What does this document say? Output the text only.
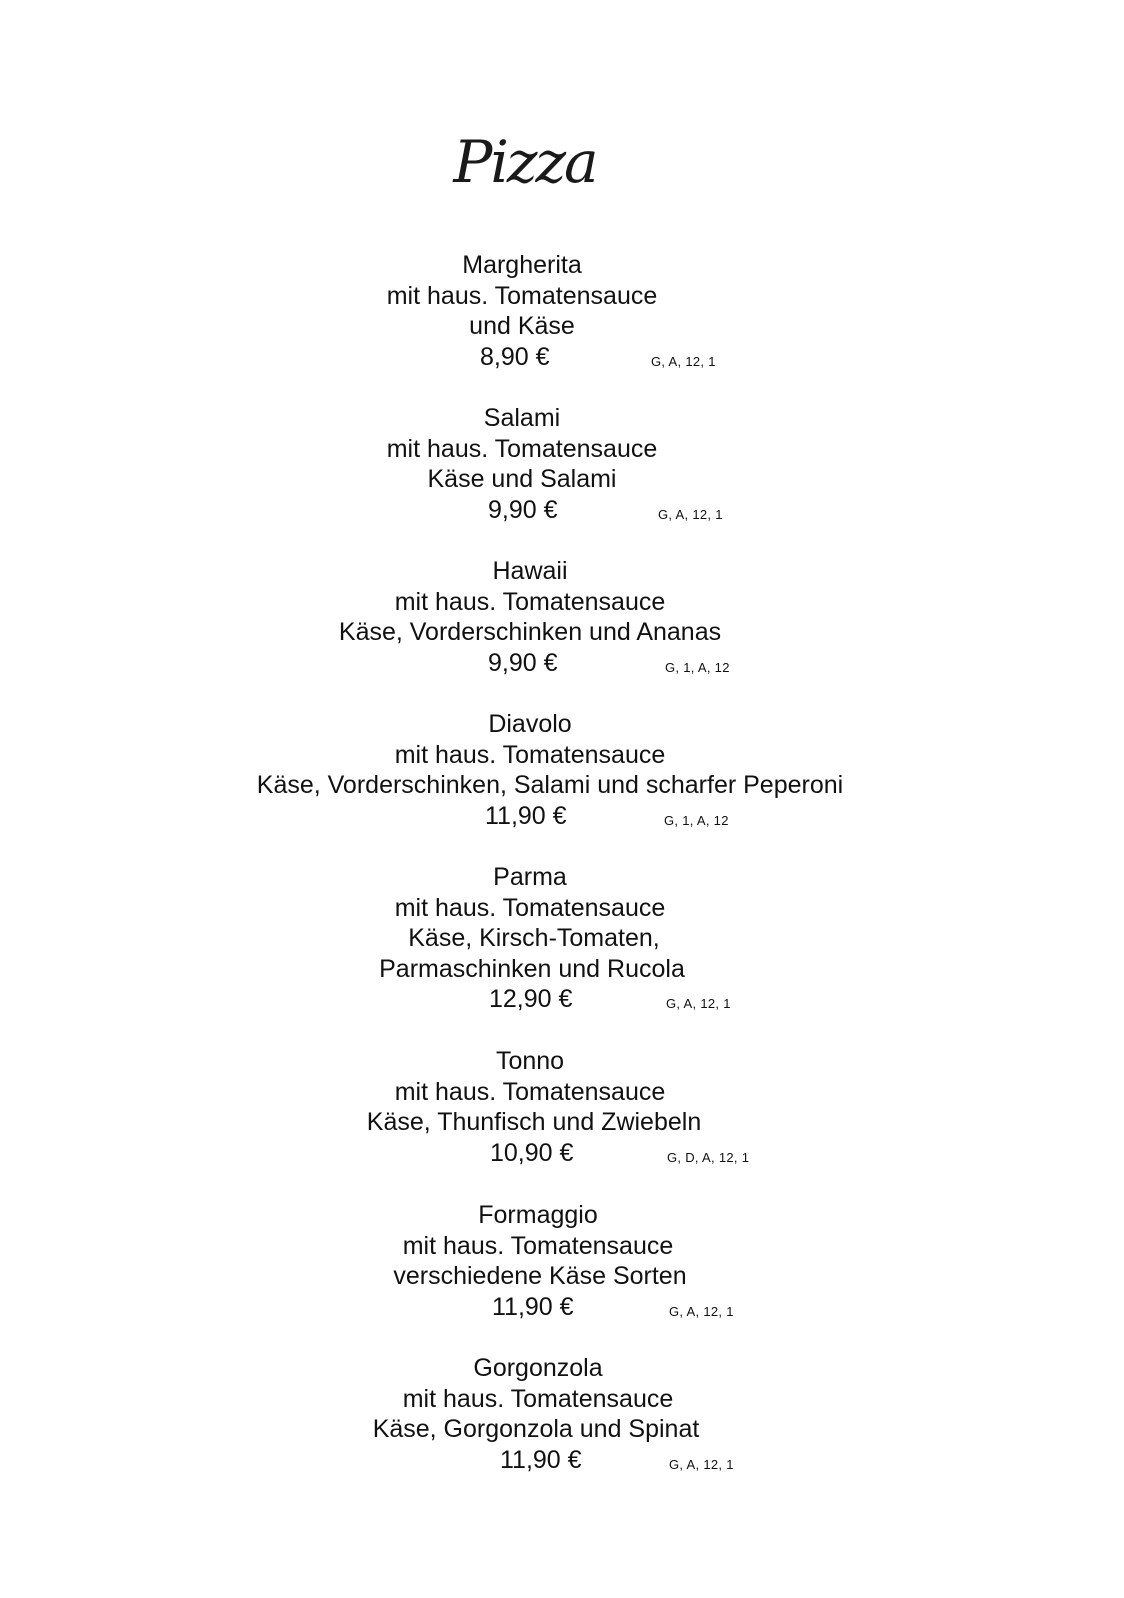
Pizza
Margherita
mit haus. Tomatensauce
und Käse
8,90 €	G, A, 12, 1
Salami
mit haus. Tomatensauce
Käse und Salami
9,90 €	G, A, 12, 1
Hawaii
mit haus. Tomatensauce
Käse, Vorderschinken und Ananas
9,90 €	G, 1, A, 12
Diavolo
mit haus. Tomatensauce
Käse, Vorderschinken, Salami und scharfer Peperoni
11,90 €	G, 1, A, 12
Parma
mit haus. Tomatensauce
Käse, Kirsch-Tomaten,
Parmaschinken und Rucola
12,90 €	G, A, 12, 1
Tonno
mit haus. Tomatensauce
Käse, Thunfisch und Zwiebeln
10,90 €	G, D, A, 12, 1
Formaggio
mit haus. Tomatensauce
verschiedene Käse Sorten
11,90 €	G, A, 12, 1
Gorgonzola
mit haus. Tomatensauce
Käse, Gorgonzola und Spinat
11,90 €	G, A, 12, 1
